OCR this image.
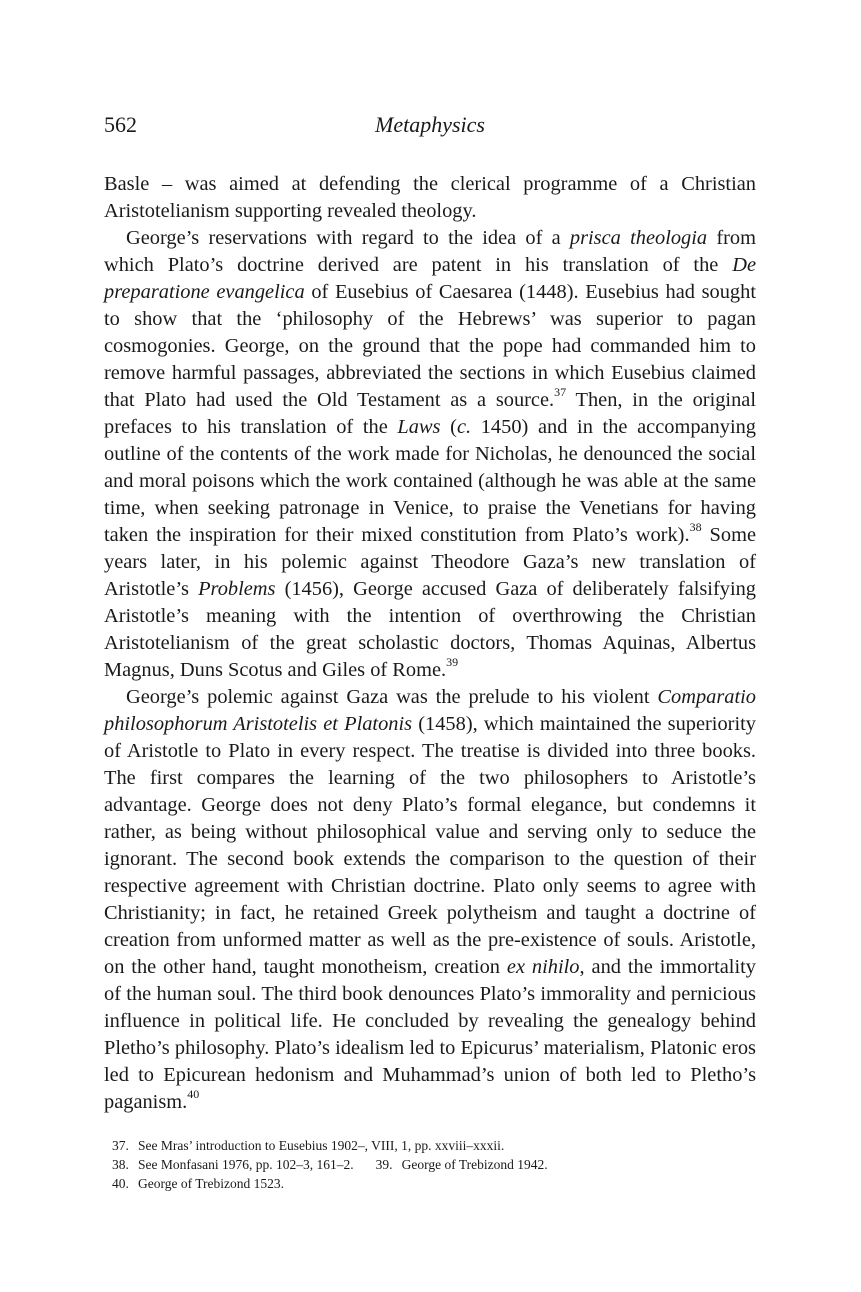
562	Metaphysics

Basle – was aimed at defending the clerical programme of a Christian Aristotelianism supporting revealed theology.

George’s reservations with regard to the idea of a prisca theologia from which Plato’s doctrine derived are patent in his translation of the De preparatione evangelica of Eusebius of Caesarea (1448). Eusebius had sought to show that the ‘philosophy of the Hebrews’ was superior to pagan cosmogonies. George, on the ground that the pope had commanded him to remove harmful passages, abbreviated the sections in which Eusebius claimed that Plato had used the Old Testament as a source.$^{37}$ Then, in the original prefaces to his translation of the Laws (c. 1450) and in the accompanying outline of the contents of the work made for Nicholas, he denounced the social and moral poisons which the work contained (although he was able at the same time, when seeking patronage in Venice, to praise the Venetians for having taken the inspiration for their mixed constitution from Plato’s work).$^{38}$ Some years later, in his polemic against Theodore Gaza’s new translation of Aristotle’s Problems (1456), George accused Gaza of deliberately falsifying Aristotle’s meaning with the intention of overthrowing the Christian Aristotelianism of the great scholastic doctors, Thomas Aquinas, Albertus Magnus, Duns Scotus and Giles of Rome.$^{39}$

George’s polemic against Gaza was the prelude to his violent Comparatio philosophorum Aristotelis et Platonis (1458), which maintained the superiority of Aristotle to Plato in every respect. The treatise is divided into three books. The first compares the learning of the two philosophers to Aristotle’s advantage. George does not deny Plato’s formal elegance, but condemns it rather, as being without philosophical value and serving only to seduce the ignorant. The second book extends the comparison to the question of their respective agreement with Christian doctrine. Plato only seems to agree with Christianity; in fact, he retained Greek polytheism and taught a doctrine of creation from unformed matter as well as the pre-existence of souls. Aristotle, on the other hand, taught monotheism, creation ex nihilo, and the immortality of the human soul. The third book denounces Plato’s immorality and pernicious influence in political life. He concluded by revealing the genealogy behind Pletho’s philosophy. Plato’s idealism led to Epicurus’ materialism, Platonic eros led to Epicurean hedonism and Muhammad’s union of both led to Pletho’s paganism.$^{40}$

37. See Mras’ introduction to Eusebius 1902–, VIII, 1, pp. xxviii–xxxii.
38. See Monfasani 1976, pp. 102–3, 161–2. 39. George of Trebizond 1942.
40. George of Trebizond 1523.
